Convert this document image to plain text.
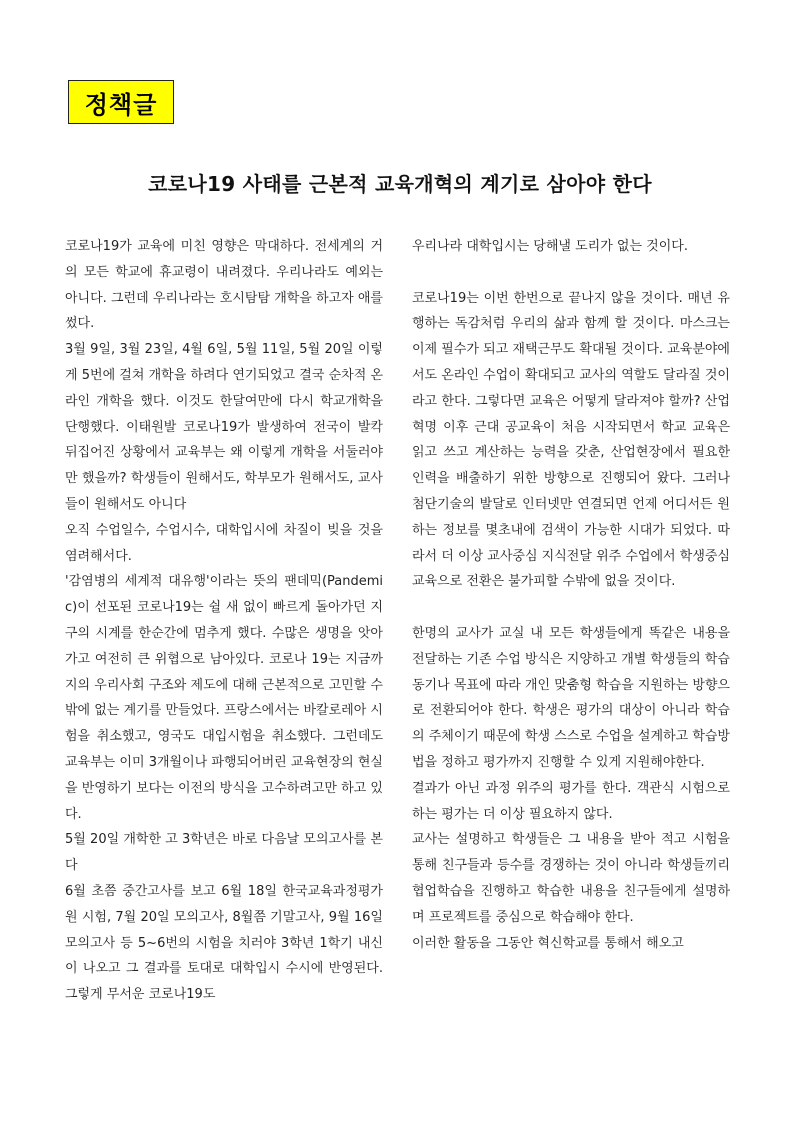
정책글
코로나19 사태를 근본적 교육개혁의 계기로 삼아야 한다

코로나19가 교육에 미친 영향은 막대하다. 전세계의 거의 모든 학교에 휴교령이 내려졌다. 우리나라도 예외는 아니다. 그런데 우리나라는 호시탐탐 개학을 하고자 애를 썼다.

3월 9일, 3월 23일, 4월 6일, 5월 11일, 5월 20일 이렇게 5번에 걸쳐 개학을 하려다 연기되었고 결국 순차적 온라인 개학을 했다. 이것도 한달여만에 다시 학교개학을 단행했다. 이태원발 코로나19가 발생하여 전국이 발칵 뒤집어진 상황에서 교육부는 왜 이렇게 개학을 서둘러야만 했을까? 학생들이 원해서도, 학부모가 원해서도, 교사들이 원해서도 아니다

오직 수업일수, 수업시수, 대학입시에 차질이 빚을 것을 염려해서다.

'감염병의 세계적 대유행'이라는 뜻의 팬데믹(Pandemic)이 선포된 코로나19는 쉴 새 없이 빠르게 돌아가던 지구의 시계를 한순간에 멈추게 했다. 수많은 생명을 앗아가고 여전히 큰 위협으로 남아있다. 코로나 19는 지금까지의 우리사회 구조와 제도에 대해 근본적으로 고민할 수 밖에 없는 계기를 만들었다. 프랑스에서는 바칼로레아 시험을 취소했고, 영국도 대입시험을 취소했다. 그런데도 교육부는 이미 3개월이나 파행되어버린 교육현장의 현실을 반영하기 보다는 이전의 방식을 고수하려고만 하고 있다.

5월 20일 개학한 고 3학년은 바로 다음날 모의고사를 본다

6월 초쯤 중간고사를 보고 6월 18일 한국교육과정평가원 시험, 7월 20일 모의고사, 8월쯤 기말고사, 9월 16일 모의고사 등 5~6번의 시험을 치러야 3학년 1학기 내신이 나오고 그 결과를 토대로 대학입시 수시에 반영된다. 그렇게 무서운 코로나19도

우리나라 대학입시는 당해낼 도리가 없는 것이다.

코로나19는 이번 한번으로 끝나지 않을 것이다. 매년 유행하는 독감처럼 우리의 삶과 함께 할 것이다. 마스크는 이제 필수가 되고 재택근무도 확대될 것이다. 교육분야에서도 온라인 수업이 확대되고 교사의 역할도 달라질 것이라고 한다. 그렇다면 교육은 어떻게 달라져야 할까? 산업혁명 이후 근대 공교육이 처음 시작되면서 학교 교육은 읽고 쓰고 계산하는 능력을 갖춘, 산업현장에서 필요한 인력을 배출하기 위한 방향으로 진행되어 왔다. 그러나 첨단기술의 발달로 인터넷만 연결되면 언제 어디서든 원하는 정보를 몇초내에 검색이 가능한 시대가 되었다. 따라서 더 이상 교사중심 지식전달 위주 수업에서 학생중심교육으로 전환은 불가피할 수밖에 없을 것이다.

한명의 교사가 교실 내 모든 학생들에게 똑같은 내용을 전달하는 기존 수업 방식은 지양하고 개별 학생들의 학습동기나 목표에 따라 개인 맞춤형 학습을 지원하는 방향으로 전환되어야 한다. 학생은 평가의 대상이 아니라 학습의 주체이기 때문에 학생 스스로 수업을 설계하고 학습방법을 정하고 평가까지 진행할 수 있게 지원해야한다.

결과가 아닌 과정 위주의 평가를 한다. 객관식 시험으로 하는 평가는 더 이상 필요하지 않다.

교사는 설명하고 학생들은 그 내용을 받아 적고 시험을 통해 친구들과 등수를 경쟁하는 것이 아니라 학생들끼리 협업학습을 진행하고 학습한 내용을 친구들에게 설명하며 프로젝트를 중심으로 학습해야 한다.

이러한 활동을 그동안 혁신학교를 통해서 해오고
